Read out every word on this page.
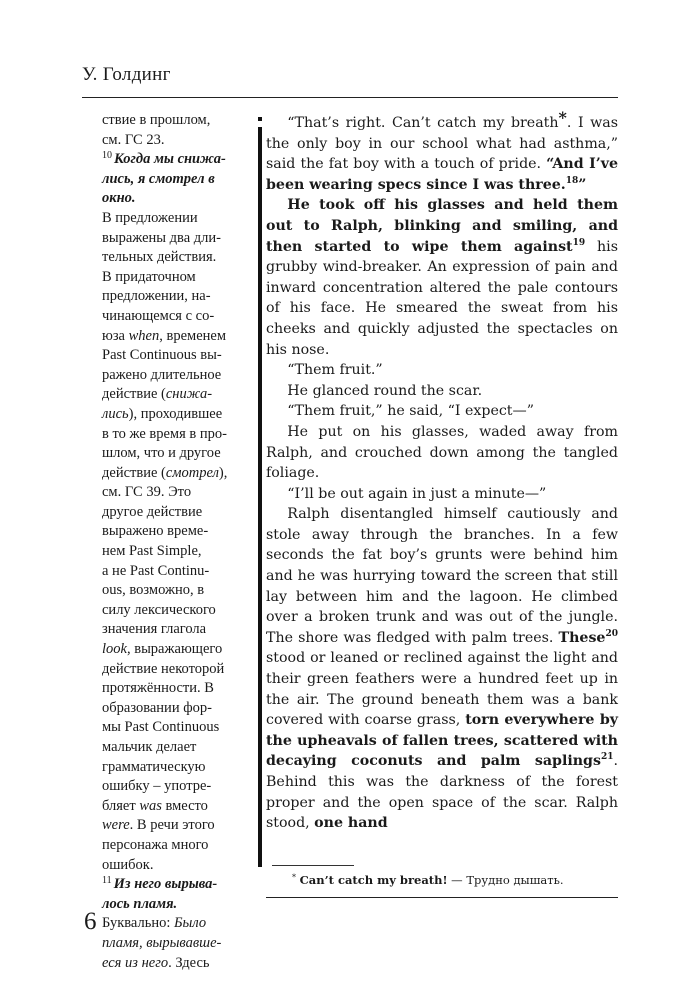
У. Голдинг
ствие в прошлом,
см. ГС 23.
$^{10}$ Когда мы снижа-
лись, я смотрел в
окно.
В предложении
выражены два дли-
тельных действия.
В придаточном
предложении, на-
чинающемся с со-
юза when, временем
Past Continuous вы-
ражено длительное
действие (снижа-
лись), проходившее
в то же время в про-
шлом, что и другое
действие (смотрел),
см. ГС 39. Это
другое действие
выражено време-
нем Past Simple,
а не Past Continu-
ous, возможно, в
силу лексического
значения глагола
look, выражающего
действие некоторой
протяжённости. В
образовании фор-
мы Past Continuous
мальчик делает
грамматическую
ошибку – употре-
бляет was вместо
were. В речи этого
персонажа много
ошибок.
$^{11}$ Из него вырыва-
лось пламя.
Буквально: Было
пламя, вырывавше-
еся из него. Здесь

“That’s right. Can’t catch my breath*. I was the only boy in our school what had asthma,” said the fat boy with a touch of pride. “And I’ve been wearing specs since I was three.$^{18}$”

He took off his glasses and held them out to Ralph, blinking and smiling, and then started to wipe them against$^{19}$ his grubby wind-breaker. An expression of pain and inward concentration altered the pale contours of his face. He smeared the sweat from his cheeks and quickly adjusted the spectacles on his nose.

“Them fruit.”

He glanced round the scar.

“Them fruit,” he said, “I expect—”

He put on his glasses, waded away from Ralph, and crouched down among the tangled foliage.

“I’ll be out again in just a minute—”

Ralph disentangled himself cautiously and stole away through the branches. In a few seconds the fat boy’s grunts were behind him and he was hurrying toward the screen that still lay between him and the lagoon. He climbed over a broken trunk and was out of the jungle. The shore was fledged with palm trees. These$^{20}$ stood or leaned or reclined against the light and their green feathers were a hundred feet up in the air. The ground beneath them was a bank covered with coarse grass, torn everywhere by the upheavals of fallen trees, scattered with decaying coconuts and palm saplings$^{21}$. Behind this was the darkness of the forest proper and the open space of the scar. Ralph stood, one hand

* Can’t catch my breath! — Трудно дышать.
6
